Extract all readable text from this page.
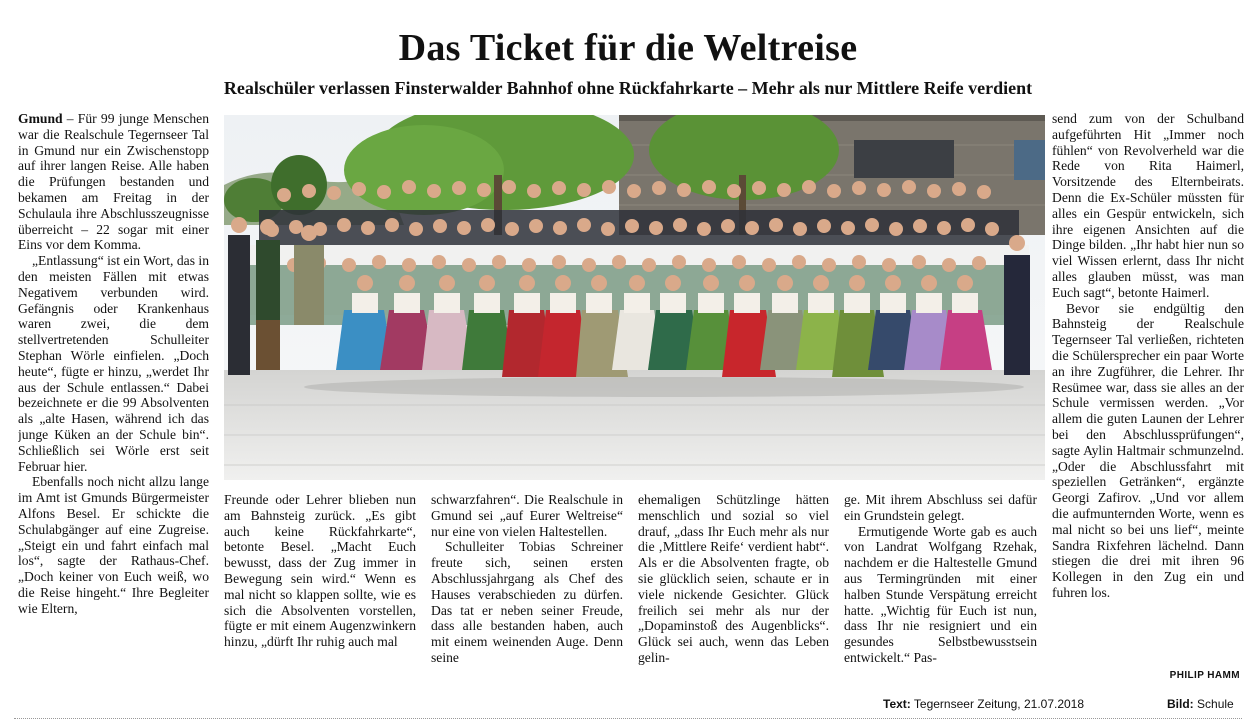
Das Ticket für die Weltreise
Realschüler verlassen Finsterwalder Bahnhof ohne Rückfahrkarte – Mehr als nur Mittlere Reife verdient

Gmund – Für 99 junge Menschen war die Realschule Tegernseer Tal in Gmund nur ein Zwischenstopp auf ihrer langen Reise. Alle haben die Prüfungen bestanden und bekamen am Freitag in der Schulaula ihre Abschlusszeugnisse überreicht – 22 sogar mit einer Eins vor dem Komma.

„Entlassung“ ist ein Wort, das in den meisten Fällen mit etwas Negativem verbunden wird. Gefängnis oder Krankenhaus waren zwei, die dem stellvertretenden Schulleiter Stephan Wörle einfielen. „Doch heute“, fügte er hinzu, „werdet Ihr aus der Schule entlassen.“ Dabei bezeichnete er die 99 Absolventen als „alte Hasen, während ich das junge Küken an der Schule bin“. Schließlich sei Wörle erst seit Februar hier.

Ebenfalls noch nicht allzu lange im Amt ist Gmunds Bürgermeister Alfons Besel. Er schickte die Schulabgänger auf eine Zugreise. „Steigt ein und fahrt einfach mal los“, sagte der Rathaus-Chef. „Doch keiner von Euch weiß, wo die Reise hingeht.“ Ihre Begleiter wie Eltern,

Freunde oder Lehrer blieben nun am Bahnsteig zurück. „Es gibt auch keine Rückfahrkarte“, betonte Besel. „Macht Euch bewusst, dass der Zug immer in Bewegung sein wird.“ Wenn es mal nicht so klappen sollte, wie es sich die Absolventen vorstellen, fügte er mit einem Augenzwinkern hinzu, „dürft Ihr ruhig auch mal

schwarzfahren“. Die Realschule in Gmund sei „auf Eurer Weltreise“ nur eine von vielen Haltestellen.

Schulleiter Tobias Schreiner freute sich, seinen ersten Abschlussjahrgang als Chef des Hauses verabschieden zu dürfen. Das tat er neben seiner Freude, dass alle bestanden haben, auch mit einem weinenden Auge. Denn seine

ehemaligen Schützlinge hätten menschlich und sozial so viel drauf, „dass Ihr Euch mehr als nur die ‚Mittlere Reife‘ verdient habt“. Als er die Absolventen fragte, ob sie glücklich seien, schaute er in viele nickende Gesichter. Glück freilich sei mehr als nur der „Dopaminstoß des Augenblicks“. Glück sei auch, wenn das Leben gelin-

ge. Mit ihrem Abschluss sei dafür ein Grundstein gelegt.

Ermutigende Worte gab es auch von Landrat Wolfgang Rzehak, nachdem er die Haltestelle Gmund aus Termingründen mit einer halben Stunde Verspätung erreicht hatte. „Wichtig für Euch ist nun, dass Ihr nie resigniert und ein gesundes Selbstbewusstsein entwickelt.“ Pas-

send zum von der Schulband aufgeführten Hit „Immer noch fühlen“ von Revolverheld war die Rede von Rita Haimerl, Vorsitzende des Elternbeirats. Denn die Ex-Schüler müssten für alles ein Gespür entwickeln, sich ihre eigenen Ansichten auf die Dinge bilden. „Ihr habt hier nun so viel Wissen erlernt, dass Ihr nicht alles glauben müsst, was man Euch sagt“, betonte Haimerl.

Bevor sie endgültig den Bahnsteig der Realschule Tegernseer Tal verließen, richteten die Schülersprecher ein paar Worte an ihre Zugführer, die Lehrer. Ihr Resümee war, dass sie alles an der Schule vermissen werden. „Vor allem die guten Launen der Lehrer bei den Abschlussprüfungen“, sagte Aylin Haltmair schmunzelnd. „Oder die Abschlussfahrt mit speziellen Getränken“, ergänzte Georgi Zafirov. „Und vor allem die aufmunternden Worte, wenn es mal nicht so bei uns lief“, meinte Sandra Rixfehren lächelnd. Dann stiegen die drei mit ihren 96 Kollegen in den Zug ein und fuhren los.

PHILIP HAMM
Text: Tegernseer Zeitung, 21.07.2018	Bild: Schule
